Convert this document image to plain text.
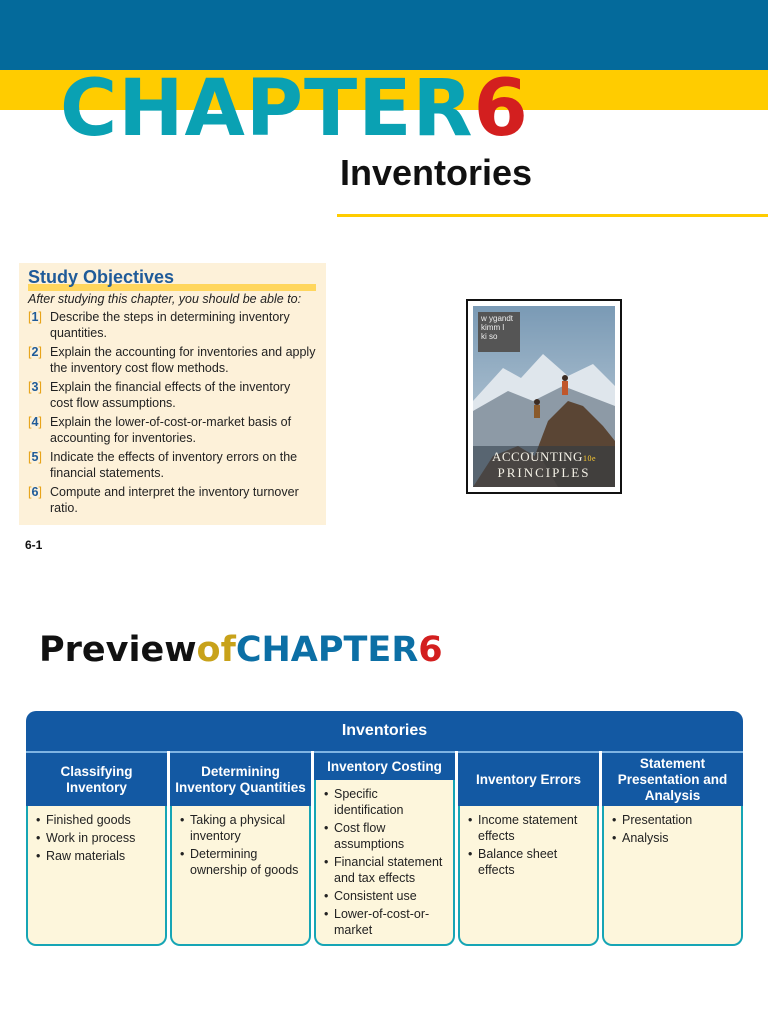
CHAPTER6
Inventories
Study Objectives
After studying this chapter, you should be able to:
[1] Describe the steps in determining inventory quantities.
[2] Explain the accounting for inventories and apply the inventory cost flow methods.
[3] Explain the financial effects of the inventory cost flow assumptions.
[4] Explain the lower-of-cost-or-market basis of accounting for inventories.
[5] Indicate the effects of inventory errors on the financial statements.
[6] Compute and interpret the inventory turnover ratio.
w ygandt
kimm l
ki so
ACCOUNTING10e
PRINCIPLES
6-1
PreviewofCHAPTER6
Inventories
Classifying Inventory
• Finished goods
• Work in process
• Raw materials
Determining Inventory Quantities
• Taking a physical inventory
• Determining ownership of goods
Inventory Costing
• Specific identification
• Cost flow assumptions
• Financial statement and tax effects
• Consistent use
• Lower-of-cost-or-market
Inventory Errors
• Income statement effects
• Balance sheet effects
Statement Presentation and Analysis
• Presentation
• Analysis
